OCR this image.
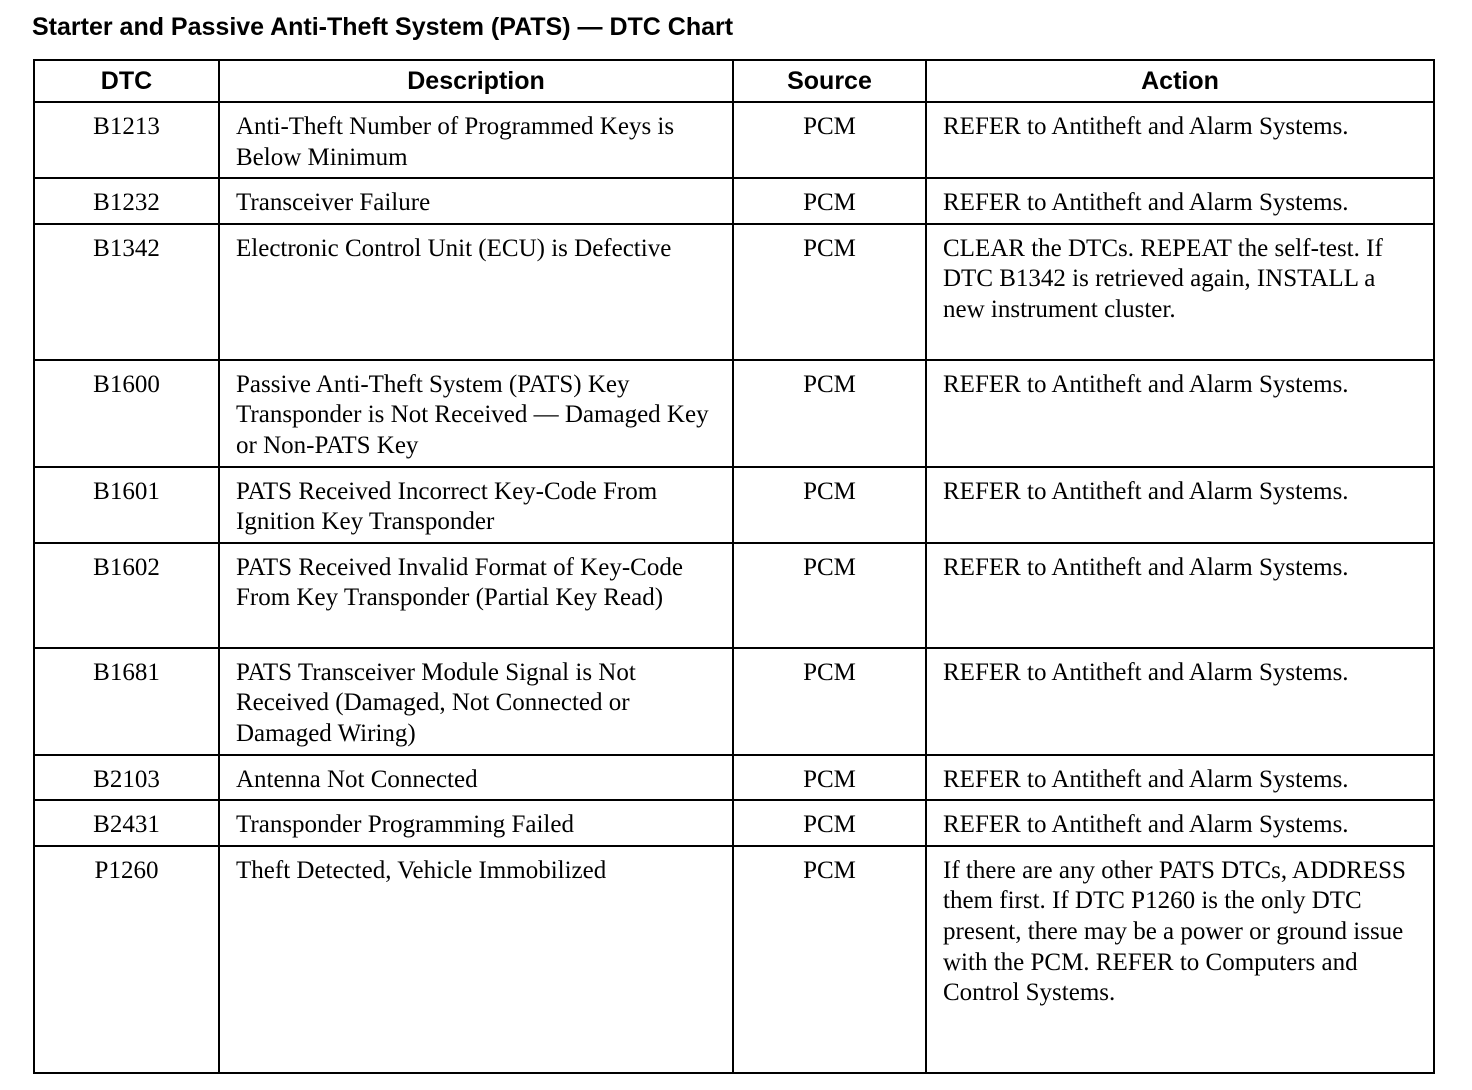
Starter and Passive Anti-Theft System (PATS) — DTC Chart
DTC	Description	Source	Action
B1213	Anti-Theft Number of Programmed Keys is Below Minimum	PCM	REFER to Antitheft and Alarm Systems.
B1232	Transceiver Failure	PCM	REFER to Antitheft and Alarm Systems.
B1342	Electronic Control Unit (ECU) is Defective	PCM	CLEAR the DTCs. REPEAT the self-test. If DTC B1342 is retrieved again, INSTALL a new instrument cluster.
B1600	Passive Anti-Theft System (PATS) Key Transponder is Not Received — Damaged Key or Non-PATS Key	PCM	REFER to Antitheft and Alarm Systems.
B1601	PATS Received Incorrect Key-Code From Ignition Key Transponder	PCM	REFER to Antitheft and Alarm Systems.
B1602	PATS Received Invalid Format of Key-Code From Key Transponder (Partial Key Read)	PCM	REFER to Antitheft and Alarm Systems.
B1681	PATS Transceiver Module Signal is Not Received (Damaged, Not Connected or Damaged Wiring)	PCM	REFER to Antitheft and Alarm Systems.
B2103	Antenna Not Connected	PCM	REFER to Antitheft and Alarm Systems.
B2431	Transponder Programming Failed	PCM	REFER to Antitheft and Alarm Systems.
P1260	Theft Detected, Vehicle Immobilized	PCM	If there are any other PATS DTCs, ADDRESS them first. If DTC P1260 is the only DTC present, there may be a power or ground issue with the PCM. REFER to Computers and Control Systems.
